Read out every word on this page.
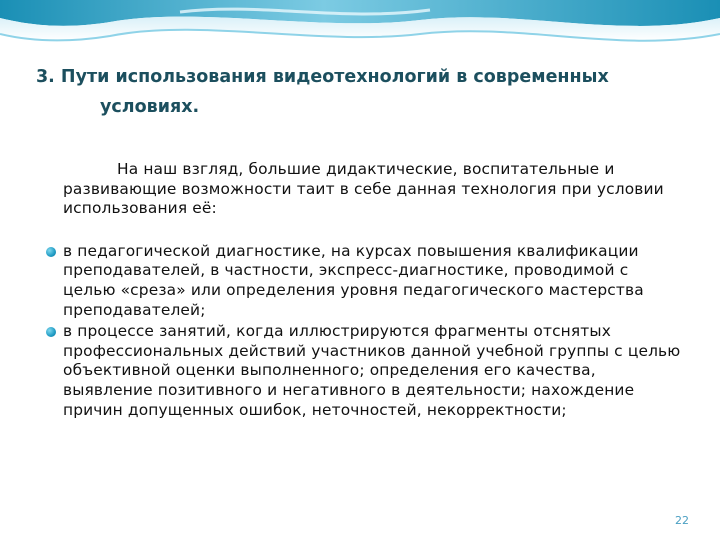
3. Пути использования видеотехнологий в современных
условиях.

На наш взгляд, большие дидактические, воспитательные и развивающие возможности таит в себе данная технология при условии использования её:

в педагогической диагностике, на курсах повышения квалификации преподавателей, в частности, экспресс-диагностике, проводимой с целью «среза» или определения уровня педагогического мастерства преподавателей;
в процессе занятий, когда иллюстрируются фрагменты отснятых профессиональных действий участников данной учебной группы с целью объективной оценки выполненного; определения его качества, выявление позитивного и негативного в деятельности; нахождение причин допущенных ошибок, неточностей, некорректности;
22
